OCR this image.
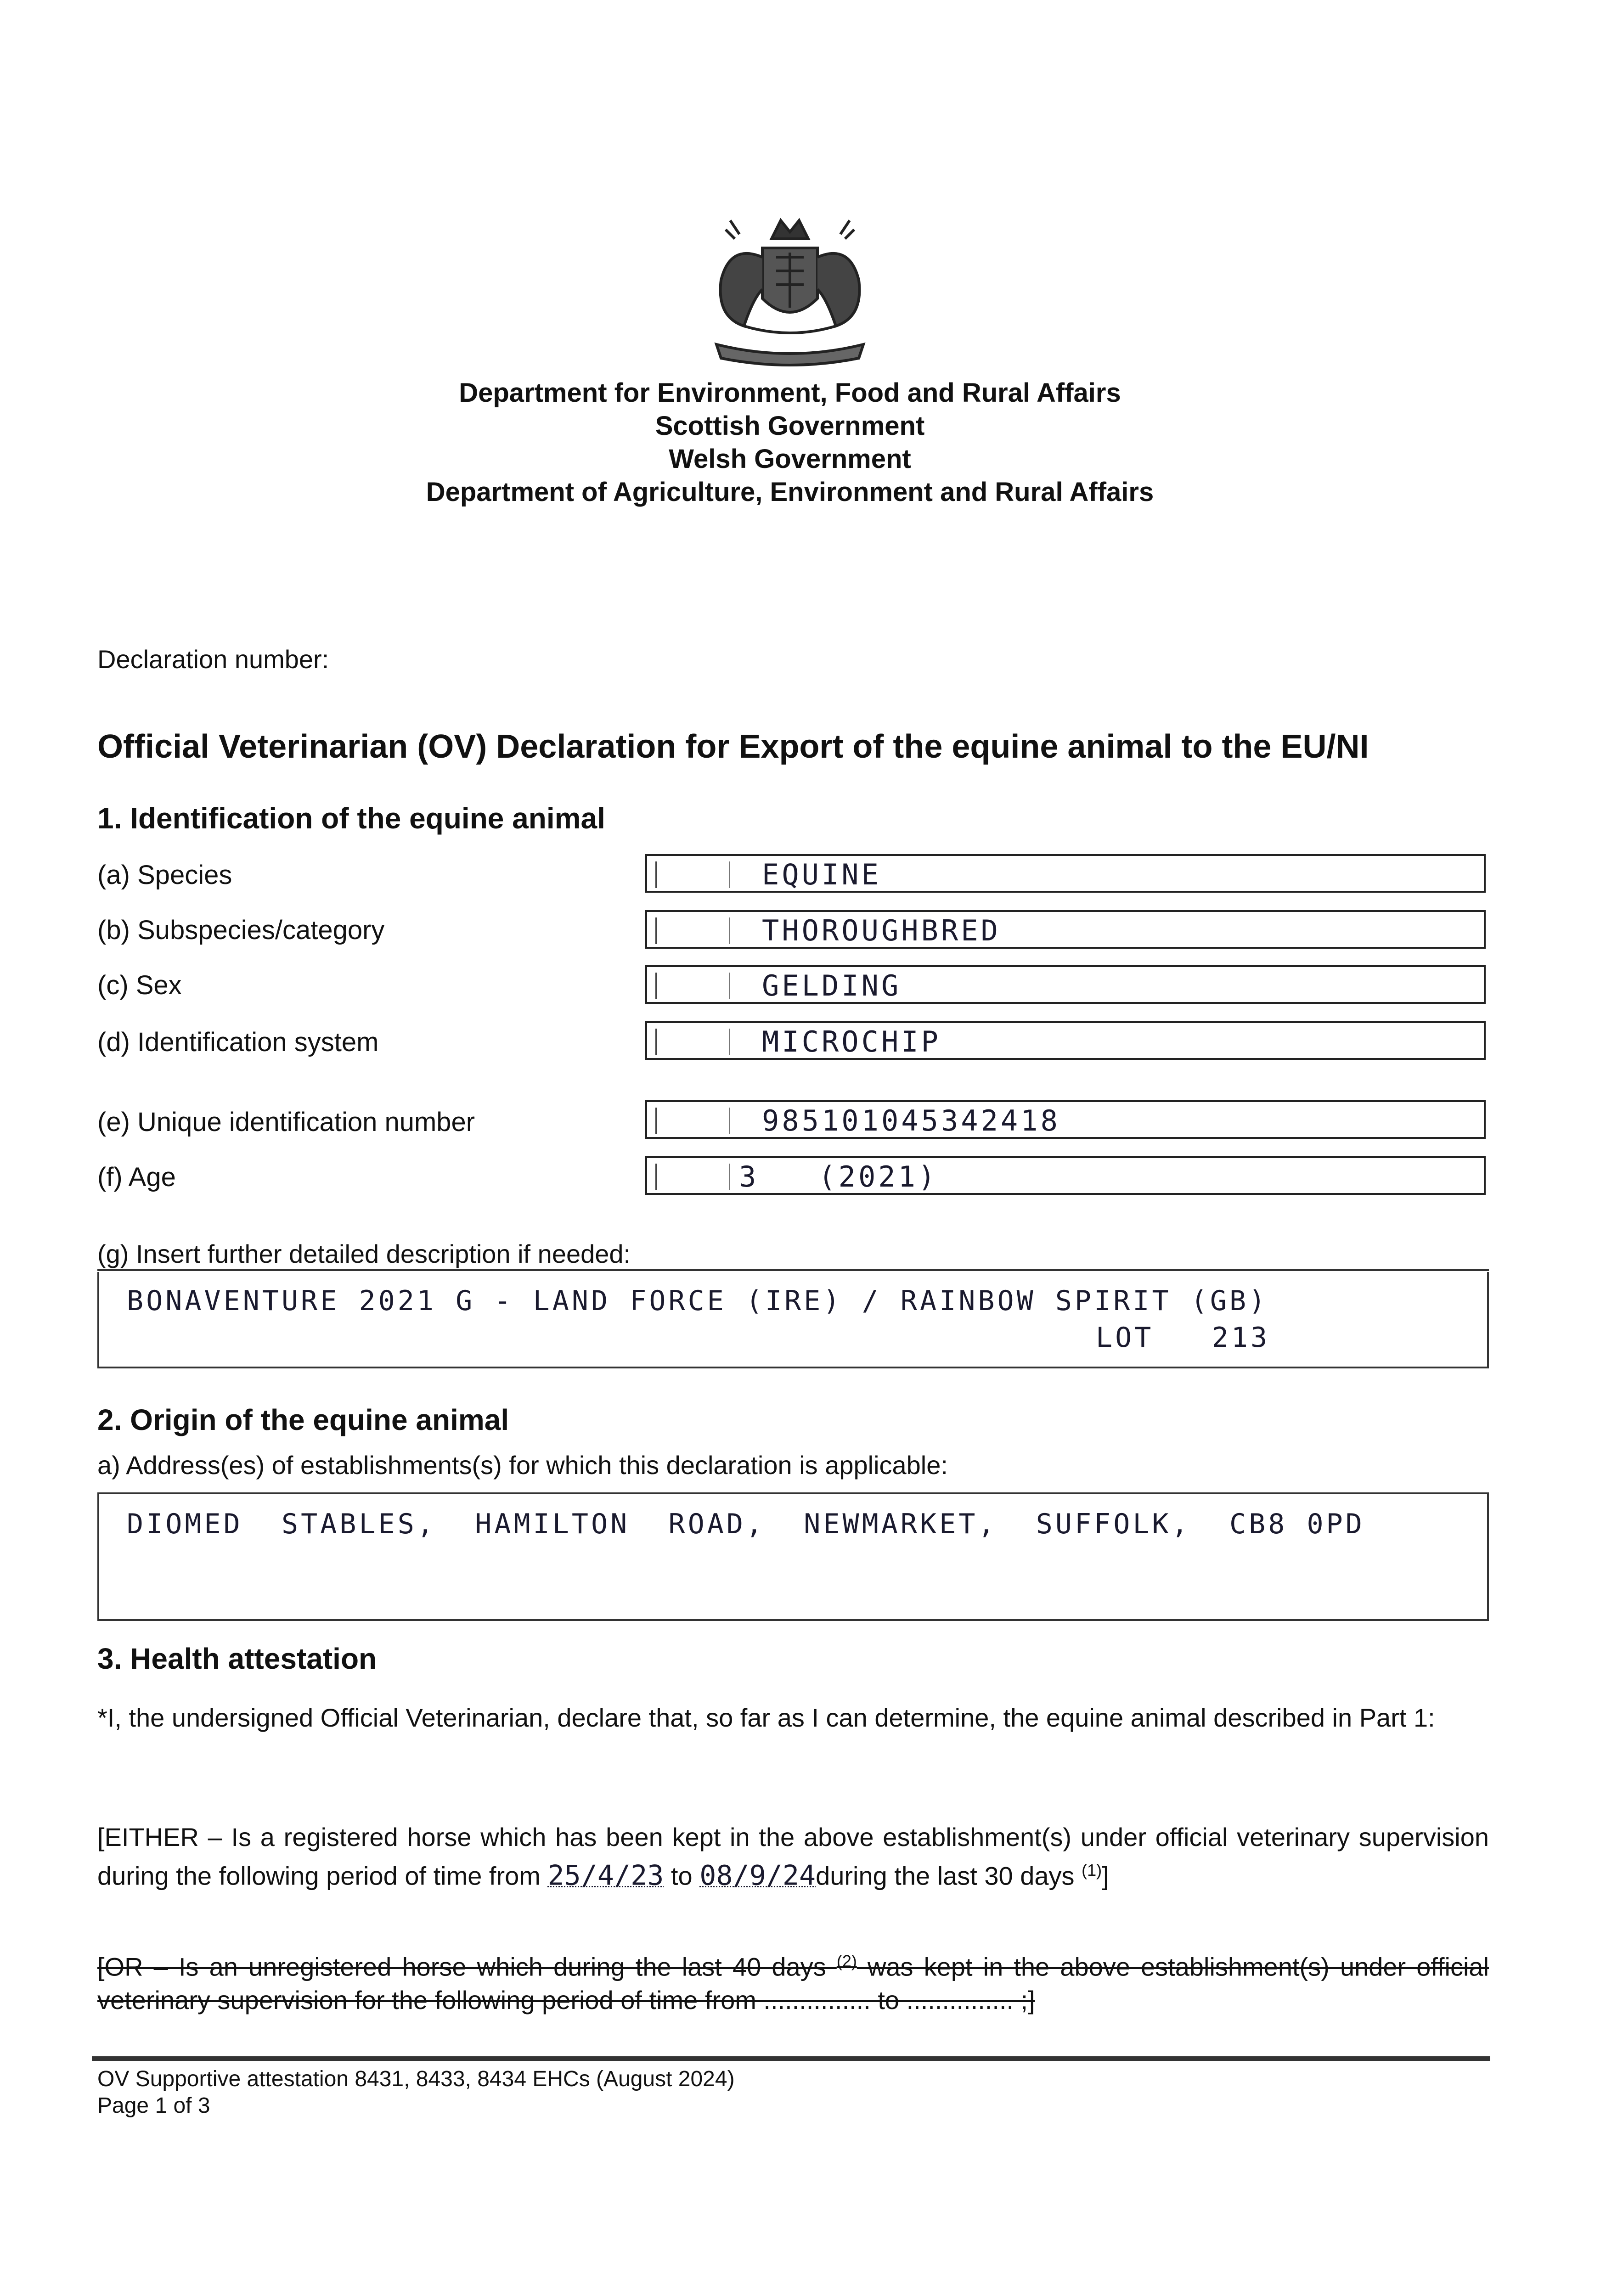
Department for Environment, Food and Rural Affairs
Scottish Government
Welsh Government
Department of Agriculture, Environment and Rural Affairs
Declaration number:
Official Veterinarian (OV) Declaration for Export of the equine animal to the EU/NI
1. Identification of the equine animal
(a) Species	EQUINE
(b) Subspecies/category	THOROUGHBRED
(c) Sex	GELDING
(d) Identification system	MICROCHIP
(e) Unique identification number	985101045342418
(f) Age	3   (2021)
(g) Insert further detailed description if needed:
BONAVENTURE 2021 G - LAND FORCE (IRE) / RAINBOW SPIRIT (GB)
LOT   213
2. Origin of the equine animal
a) Address(es) of establishments(s) for which this declaration is applicable:
DIOMED  STABLES,  HAMILTON  ROAD,  NEWMARKET,  SUFFOLK,  CB8 0PD
3. Health attestation
*I, the undersigned Official Veterinarian, declare that, so far as I can determine, the equine animal described in Part 1:
[EITHER – Is a registered horse which has been kept in the above establishment(s) under official veterinary supervision during the following period of time from 25/4/23 to 08/9/24during the last 30 days $^{(1)}$]
[OR – Is an unregistered horse which during the last 40 days $^{(2)}$ was kept in the above establishment(s) under official veterinary supervision for the following period of time from ............... to ............... ;]
OV Supportive attestation 8431, 8433, 8434 EHCs (August 2024)
Page 1 of 3
